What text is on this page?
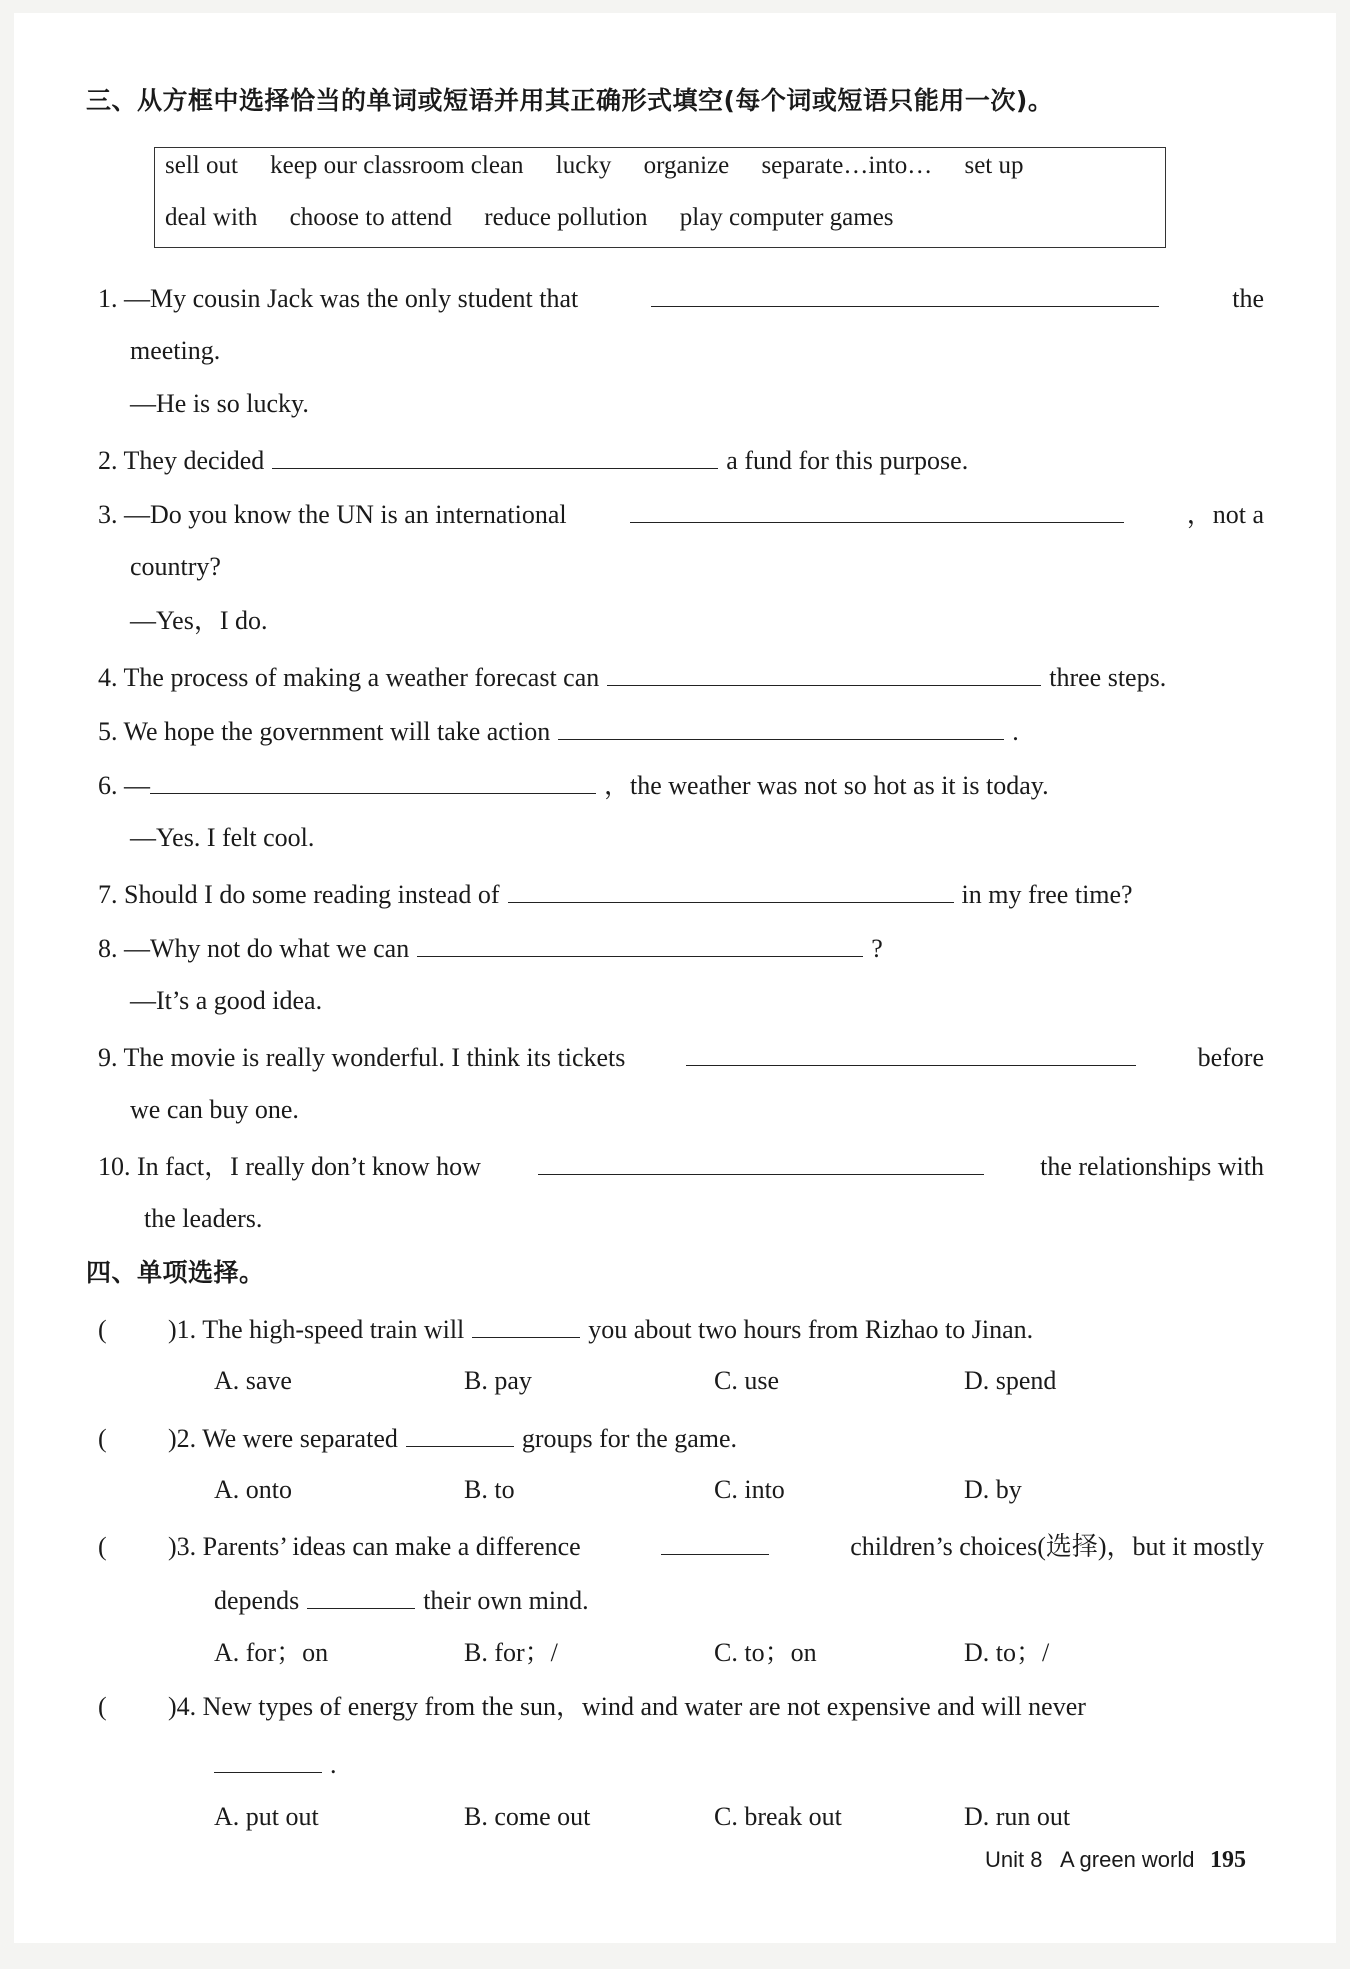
三、从方框中选择恰当的单词或短语并用其正确形式填空(每个词或短语只能用一次)。
sell out keep our classroom clean lucky organize separate…into… set up
deal with choose to attend reduce pollution play computer games
1. —My cousin Jack was the only student that	the
meeting.
—He is so lucky.
2. They decided	a fund for this purpose.
3. —Do you know the UN is an international	，not a
country?
—Yes，I do.
4. The process of making a weather forecast can	three steps.
5. We hope the government will take action	.
6. —	，the weather was not so hot as it is today.
—Yes. I felt cool.
7. Should I do some reading instead of	in my free time?
8. —Why not do what we can	?
—It’s a good idea.
9. The movie is really wonderful. I think its tickets	before
we can buy one.
10. In fact，I really don’t know how	the relationships with
the leaders.
四、单项选择。
( )1. The high-speed train will	you about two hours from Rizhao to Jinan.
A. save	B. pay	C. use	D. spend
( )2. We were separated	groups for the game.
A. onto	B. to	C. into	D. by
( )3. Parents’ ideas can make a difference	children’s choices(选择)，but it mostly
depends	their own mind.
A. for；on	B. for；/	C. to；on	D. to；/
( )4. New types of energy from the sun，wind and water are not expensive and will never
.
A. put out	B. come out	C. break out	D. run out
Unit 8 A green world 195
